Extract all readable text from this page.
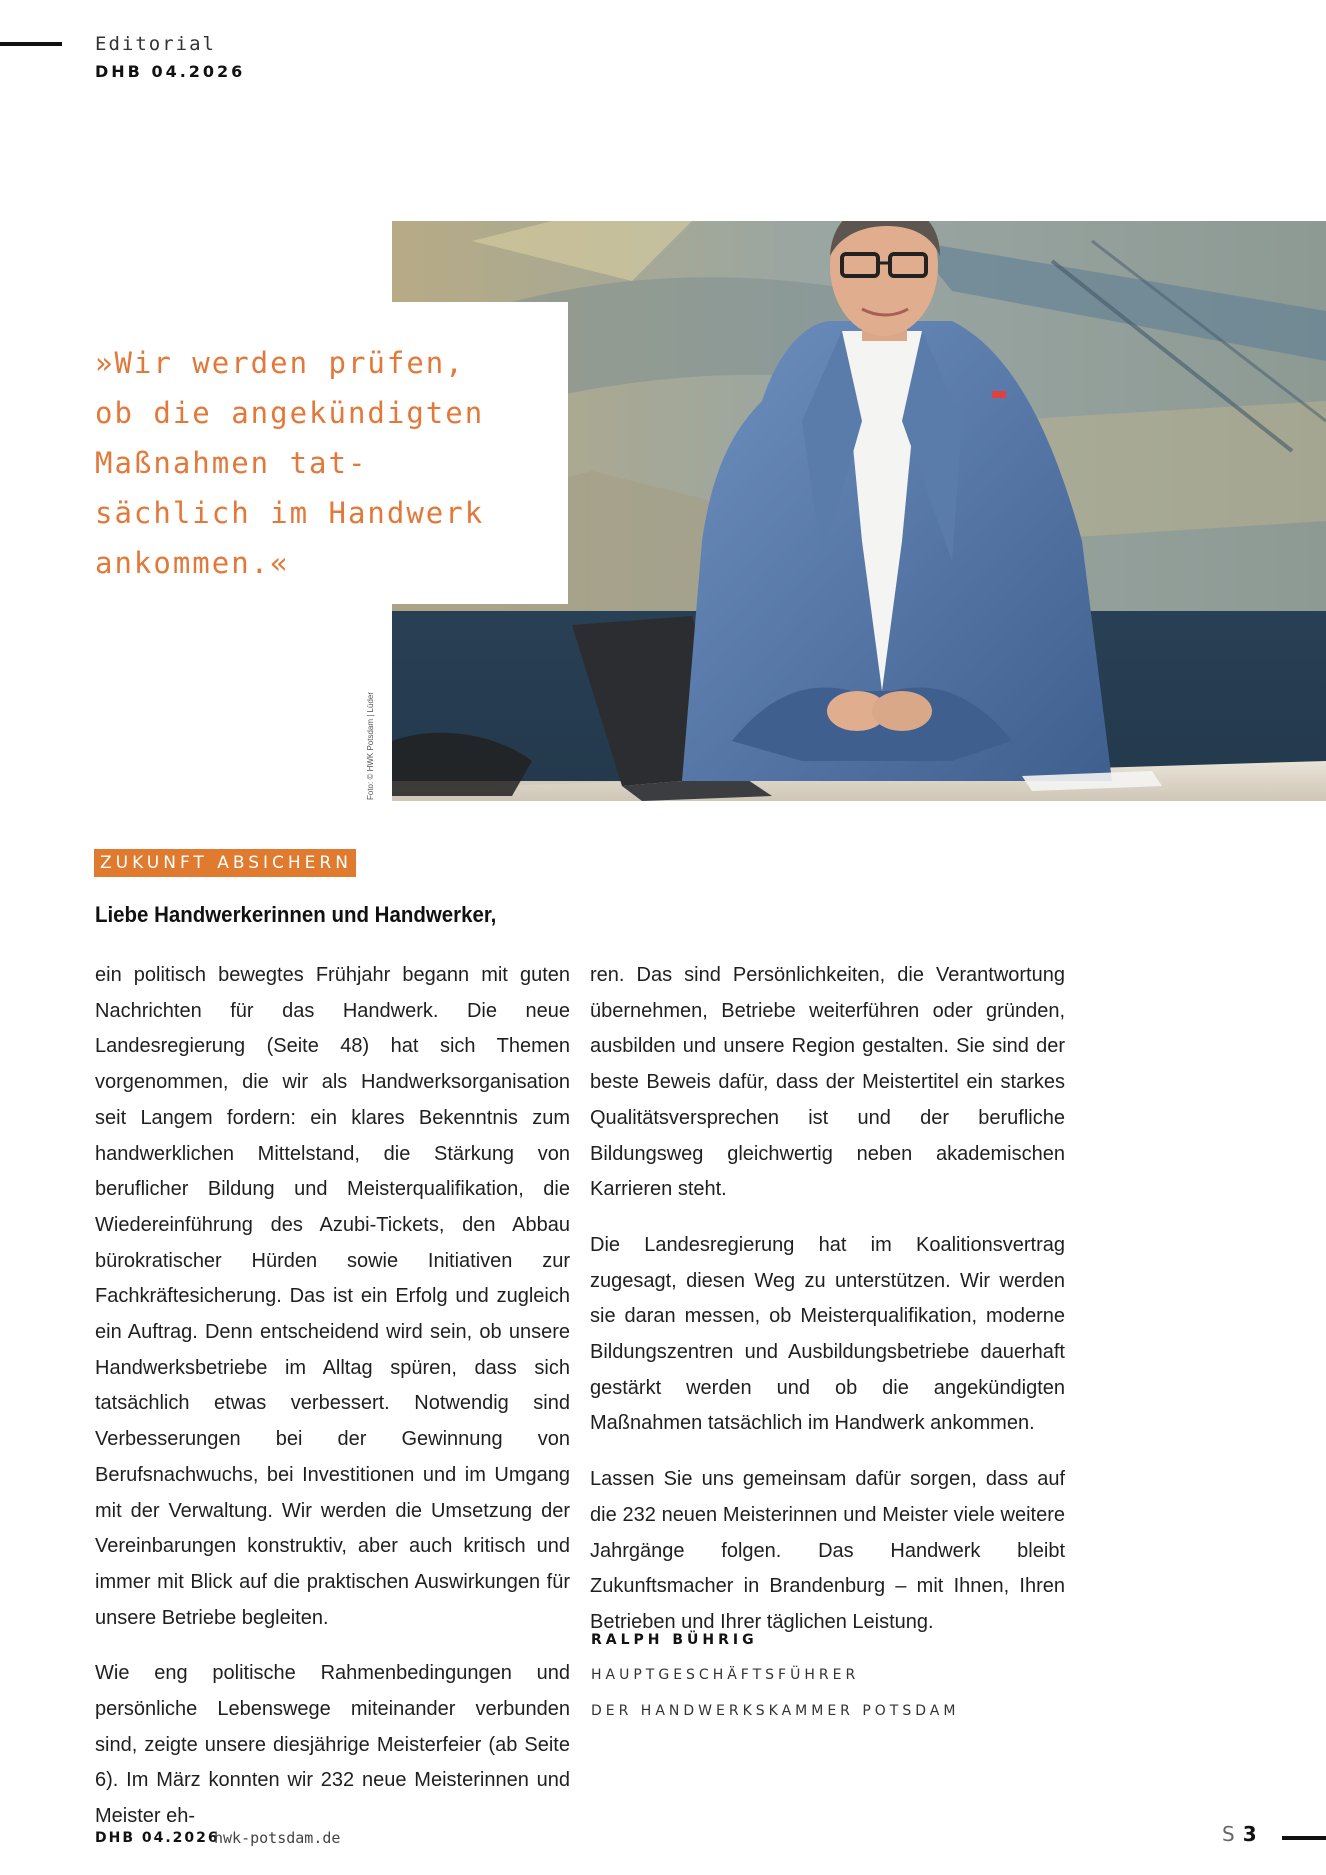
Editorial
DHB 04.2026
Foto: © HWK Potsdam | Lüder

»Wir werden prüfen,
ob die angekündigten
Maßnahmen tat-
sächlich im Handwerk
ankommen.«

ZUKUNFT ABSICHERN
Liebe Handwerkerinnen und Handwerker,

ein politisch bewegtes Frühjahr begann mit guten Nachrichten für das Handwerk. Die neue Landesregierung (Seite 48) hat sich Themen vorgenommen, die wir als Handwerksorganisation seit Langem fordern: ein klares Bekenntnis zum handwerklichen Mittelstand, die Stärkung von beruflicher Bildung und Meisterqualifikation, die Wiedereinführung des Azubi-Tickets, den Abbau bürokratischer Hürden sowie Initiativen zur Fachkräftesicherung. Das ist ein Erfolg und zugleich ein Auftrag. Denn entscheidend wird sein, ob unsere Handwerksbetriebe im Alltag spüren, dass sich tatsächlich etwas verbessert. Notwendig sind Verbesserungen bei der Gewinnung von Berufsnachwuchs, bei Investitionen und im Umgang mit der Verwaltung. Wir werden die Umsetzung der Vereinbarungen konstruktiv, aber auch kritisch und immer mit Blick auf die praktischen Auswirkungen für unsere Betriebe begleiten.

Wie eng politische Rahmenbedingungen und persönliche Lebenswege miteinander verbunden sind, zeigte unsere diesjährige Meisterfeier (ab Seite 6). Im März konnten wir 232 neue Meisterinnen und Meister eh-

ren. Das sind Persönlichkeiten, die Verantwortung übernehmen, Betriebe weiterführen oder gründen, ausbilden und unsere Region gestalten. Sie sind der beste Beweis dafür, dass der Meistertitel ein starkes Qualitätsversprechen ist und der berufliche Bildungsweg gleichwertig neben akademischen Karrieren steht.

Die Landesregierung hat im Koalitionsvertrag zugesagt, diesen Weg zu unterstützen. Wir werden sie daran messen, ob Meisterqualifikation, moderne Bildungszentren und Ausbildungsbetriebe dauerhaft gestärkt werden und ob die angekündigten Maßnahmen tatsächlich im Handwerk ankommen.

Lassen Sie uns gemeinsam dafür sorgen, dass auf die 232 neuen Meisterinnen und Meister viele weitere Jahrgänge folgen. Das Handwerk bleibt Zukunftsmacher in Brandenburg – mit Ihnen, Ihren Betrieben und Ihrer täglichen Leistung.

RALPH BÜHRIG
HAUPTGESCHÄFTSFÜHRER
DER HANDWERKSKAMMER POTSDAM
DHB 04.2026
hwk-potsdam.de	S 3
